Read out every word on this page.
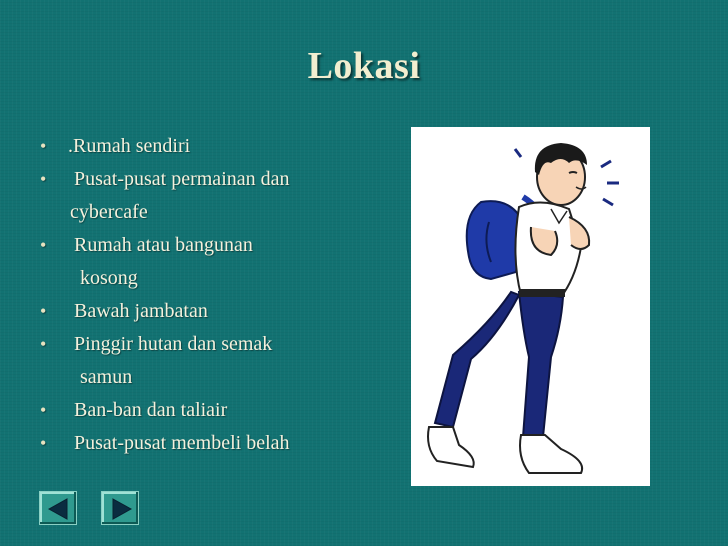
Lokasi
• .Rumah sendiri
• Pusat-pusat permainan dan
cybercafe
• Rumah atau bangunan
kosong
• Bawah jambatan
• Pinggir hutan dan semak
samun
• Ban-ban dan taliair
• Pusat-pusat membeli belah
